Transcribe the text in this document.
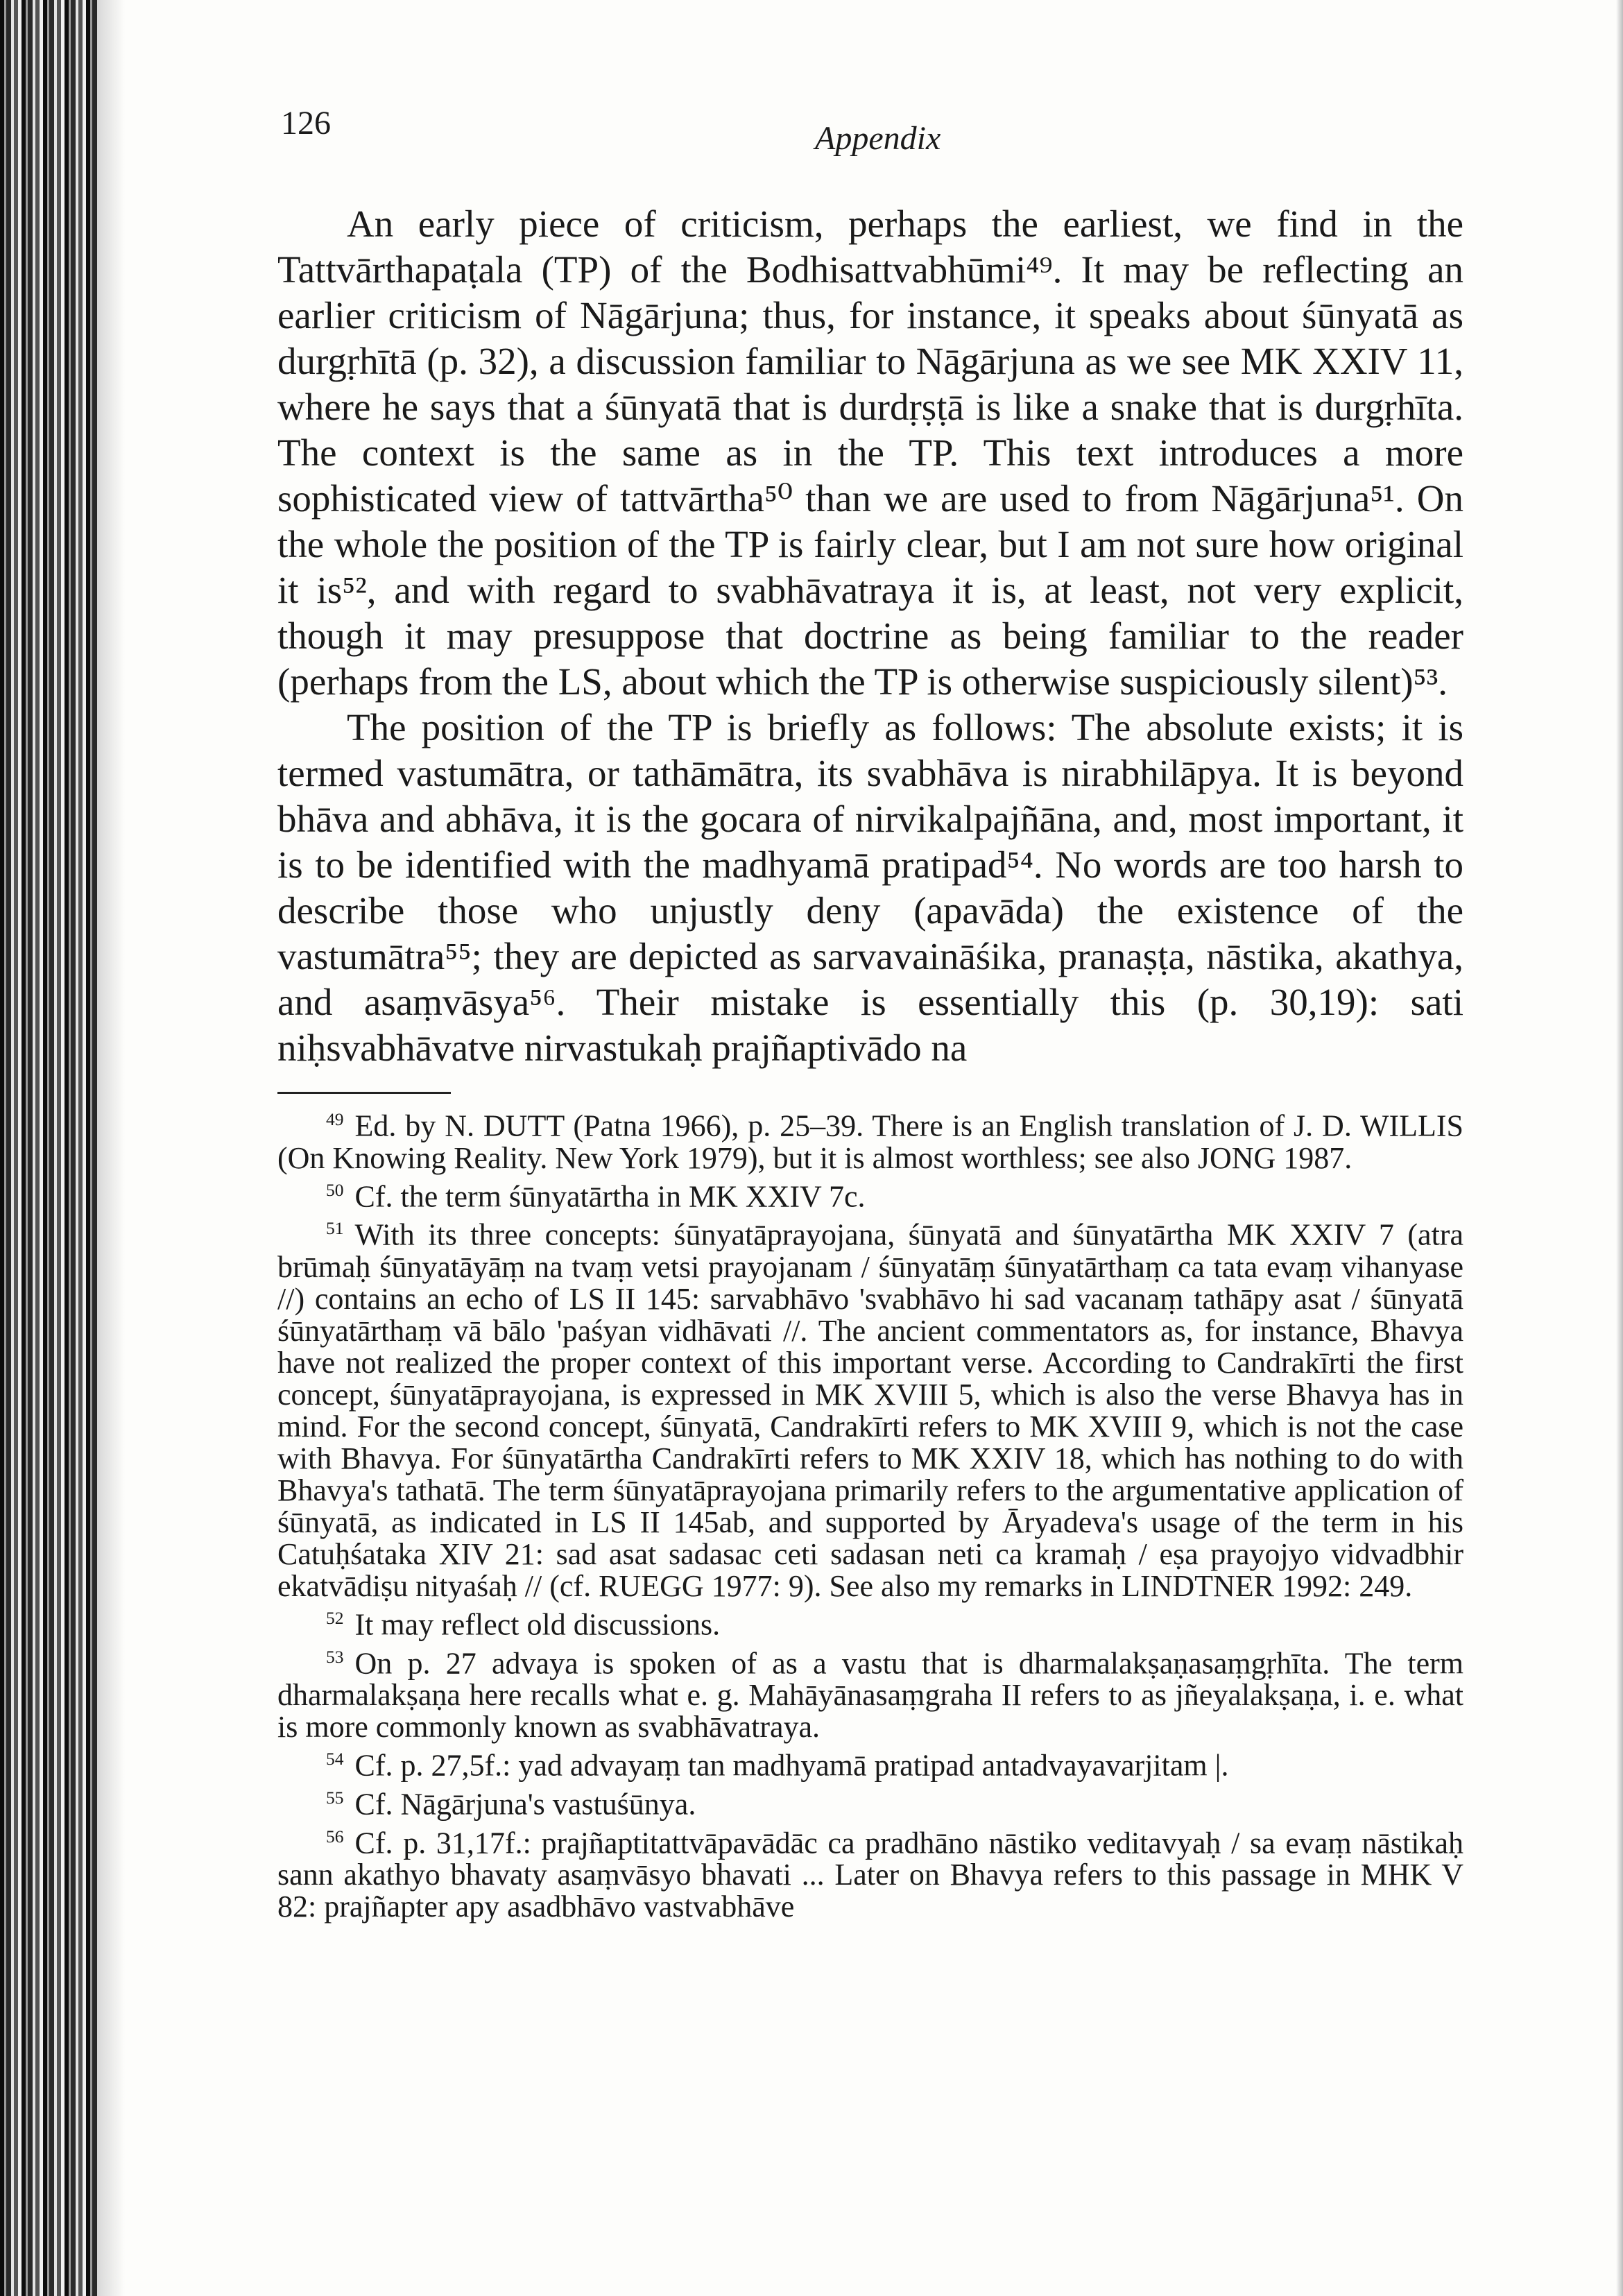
126	Appendix

An early piece of criticism, perhaps the earliest, we find in the Tattvārthapaṭala (TP) of the Bodhisattvabhūmi⁴⁹. It may be reflecting an earlier criticism of Nāgārjuna; thus, for instance, it speaks about śūnyatā as durgṛhītā (p. 32), a discussion familiar to Nāgārjuna as we see MK XXIV 11, where he says that a śūnyatā that is durdṛṣṭā is like a snake that is durgṛhīta. The context is the same as in the TP. This text introduces a more sophisticated view of tattvārtha⁵⁰ than we are used to from Nāgārjuna⁵¹. On the whole the position of the TP is fairly clear, but I am not sure how original it is⁵², and with regard to svabhāvatraya it is, at least, not very explicit, though it may presuppose that doctrine as being familiar to the reader (perhaps from the LS, about which the TP is otherwise suspiciously silent)⁵³.

The position of the TP is briefly as follows: The absolute exists; it is termed vastumātra, or tathāmātra, its svabhāva is nirabhilāpya. It is beyond bhāva and abhāva, it is the gocara of nirvikalpajñāna, and, most important, it is to be identified with the madhyamā pratipad⁵⁴. No words are too harsh to describe those who unjustly deny (apavāda) the existence of the vastumātra⁵⁵; they are depicted as sarvavaināśika, pranaṣṭa, nāstika, akathya, and asaṃvāsya⁵⁶. Their mistake is essentially this (p. 30,19): sati niḥsvabhāvatve nirvastukaḥ prajñaptivādo na

$^{49}$ Ed. by N. DUTT (Patna 1966), p. 25–39. There is an English translation of J. D. WILLIS (On Knowing Reality. New York 1979), but it is almost worthless; see also JONG 1987.

$^{50}$ Cf. the term śūnyatārtha in MK XXIV 7c.

$^{51}$ With its three concepts: śūnyatāprayojana, śūnyatā and śūnyatārtha MK XXIV 7 (atra brūmaḥ śūnyatāyāṃ na tvaṃ vetsi prayojanam / śūnyatāṃ śūnyatārthaṃ ca tata evaṃ vihanyase //) contains an echo of LS II 145: sarvabhāvo 'svabhāvo hi sad vacanaṃ tathāpy asat / śūnyatā śūnyatārthaṃ vā bālo 'paśyan vidhāvati //. The ancient commentators as, for instance, Bhavya have not realized the proper context of this important verse. According to Candrakīrti the first concept, śūnyatāprayojana, is expressed in MK XVIII 5, which is also the verse Bhavya has in mind. For the second concept, śūnyatā, Candrakīrti refers to MK XVIII 9, which is not the case with Bhavya. For śūnyatārtha Candrakīrti refers to MK XXIV 18, which has nothing to do with Bhavya's tathatā. The term śūnyatāprayojana primarily refers to the argumentative application of śūnyatā, as indicated in LS II 145ab, and supported by Āryadeva's usage of the term in his Catuḥśataka XIV 21: sad asat sadasac ceti sadasan neti ca kramaḥ / eṣa prayojyo vidvadbhir ekatvādiṣu nityaśaḥ // (cf. RUEGG 1977: 9). See also my remarks in LINDTNER 1992: 249.

$^{52}$ It may reflect old discussions.

$^{53}$ On p. 27 advaya is spoken of as a vastu that is dharmalakṣaṇasaṃgṛhīta. The term dharmalakṣaṇa here recalls what e. g. Mahāyānasaṃgraha II refers to as jñeyalakṣaṇa, i. e. what is more commonly known as svabhāvatraya.

$^{54}$ Cf. p. 27,5f.: yad advayaṃ tan madhyamā pratipad antadvayavarjitam |.

$^{55}$ Cf. Nāgārjuna's vastuśūnya.

$^{56}$ Cf. p. 31,17f.: prajñaptitattvāpavādāc ca pradhāno nāstiko veditavyaḥ / sa evaṃ nāstikaḥ sann akathyo bhavaty asaṃvāsyo bhavati ... Later on Bhavya refers to this passage in MHK V 82: prajñapter apy asadbhāvo vastvabhāve
